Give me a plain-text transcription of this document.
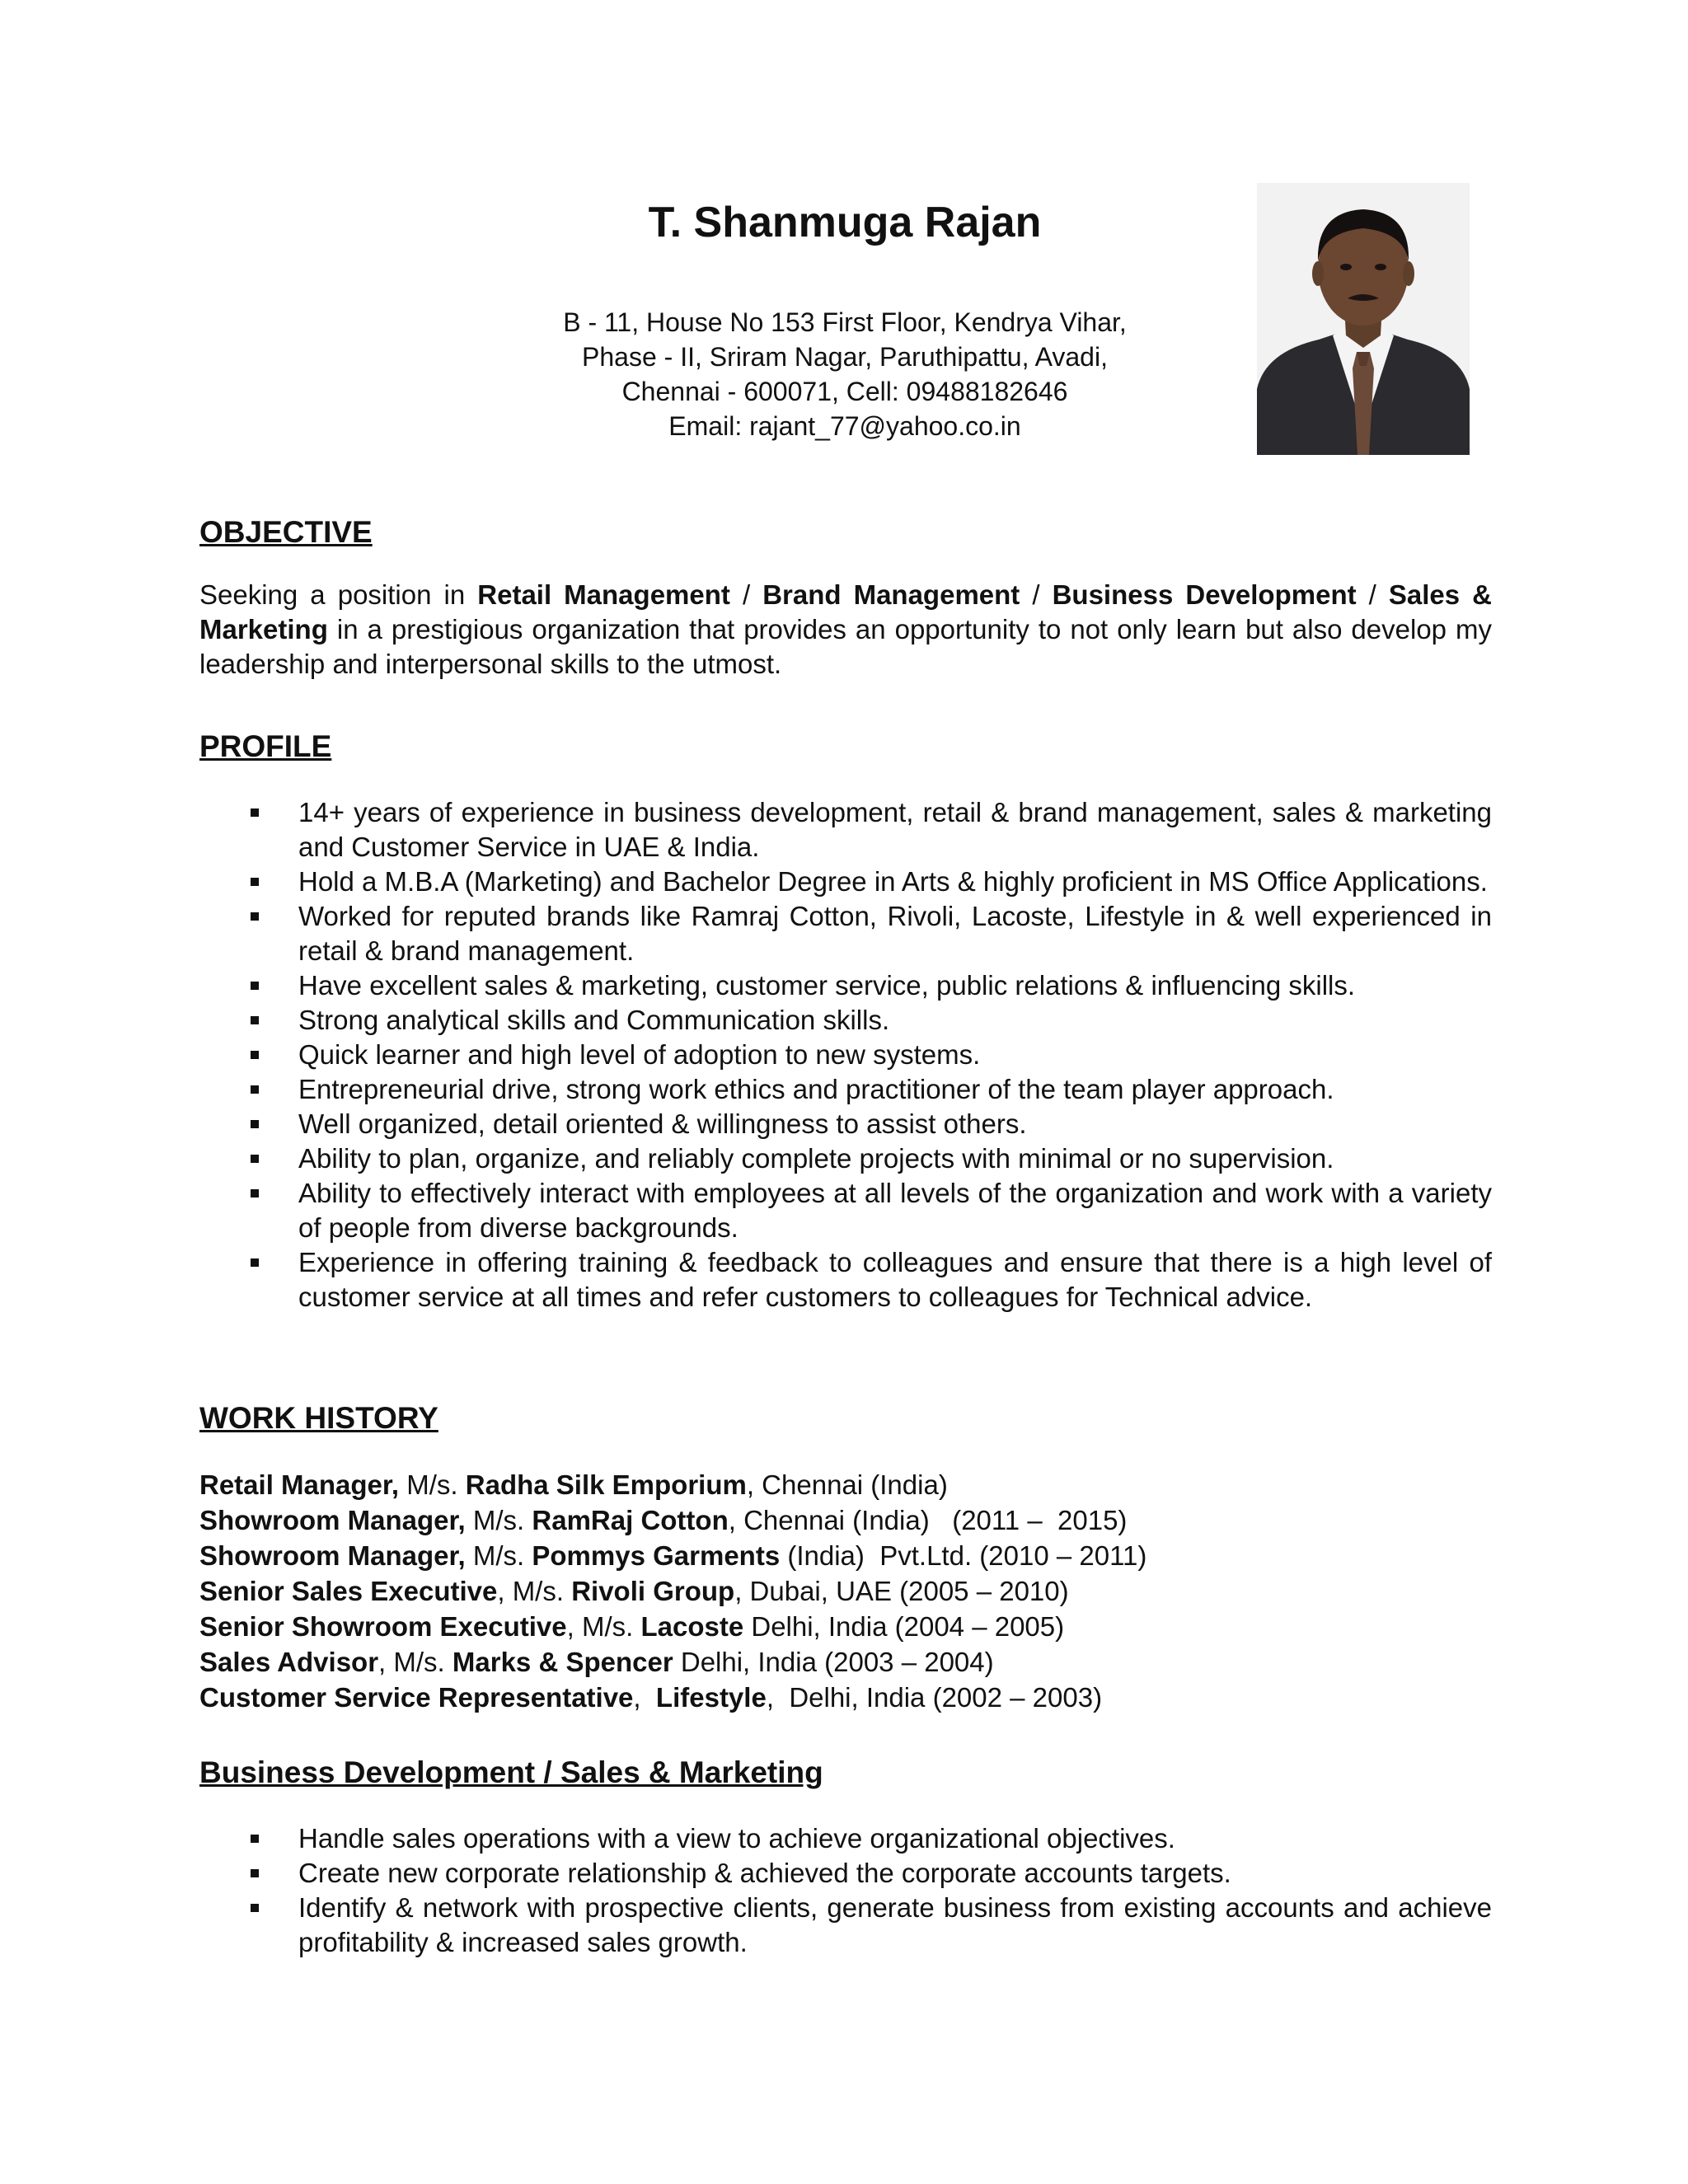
T. Shanmuga Rajan
B - 11, House No 153 First Floor, Kendrya Vihar,
Phase - II, Sriram Nagar, Paruthipattu, Avadi,
Chennai - 600071, Cell: 09488182646
Email: rajant_77@yahoo.co.in
OBJECTIVE

Seeking a position in Retail Management / Brand Management / Business Development / Sales & Marketing in a prestigious organization that provides an opportunity to not only learn but also develop my leadership and interpersonal skills to the utmost.

PROFILE
14+ years of experience in business development, retail & brand management, sales & marketing and Customer Service in UAE & India.
Hold a M.B.A (Marketing) and Bachelor Degree in Arts & highly proficient in MS Office Applications.
Worked for reputed brands like Ramraj Cotton, Rivoli, Lacoste, Lifestyle in & well experienced in retail & brand management.
Have excellent sales & marketing, customer service, public relations & influencing skills.
Strong analytical skills and Communication skills.
Quick learner and high level of adoption to new systems.
Entrepreneurial drive, strong work ethics and practitioner of the team player approach.
Well organized, detail oriented & willingness to assist others.
Ability to plan, organize, and reliably complete projects with minimal or no supervision.
Ability to effectively interact with employees at all levels of the organization and work with a variety of people from diverse backgrounds.
Experience in offering training & feedback to colleagues and ensure that there is a high level of customer service at all times and refer customers to colleagues for Technical advice.
WORK HISTORY
Retail Manager, M/s. Radha Silk Emporium, Chennai (India)
Showroom Manager, M/s. RamRaj Cotton, Chennai (India)   (2011 –  2015)
Showroom Manager, M/s. Pommys Garments (India)  Pvt.Ltd. (2010 – 2011)
Senior Sales Executive, M/s. Rivoli Group, Dubai, UAE (2005 – 2010)
Senior Showroom Executive, M/s. Lacoste Delhi, India (2004 – 2005)
Sales Advisor, M/s. Marks & Spencer Delhi, India (2003 – 2004)
Customer Service Representative,  Lifestyle,  Delhi, India (2002 – 2003)
Business Development / Sales & Marketing
Handle sales operations with a view to achieve organizational objectives.
Create new corporate relationship & achieved the corporate accounts targets.
Identify & network with prospective clients, generate business from existing accounts and achieve profitability & increased sales growth.
